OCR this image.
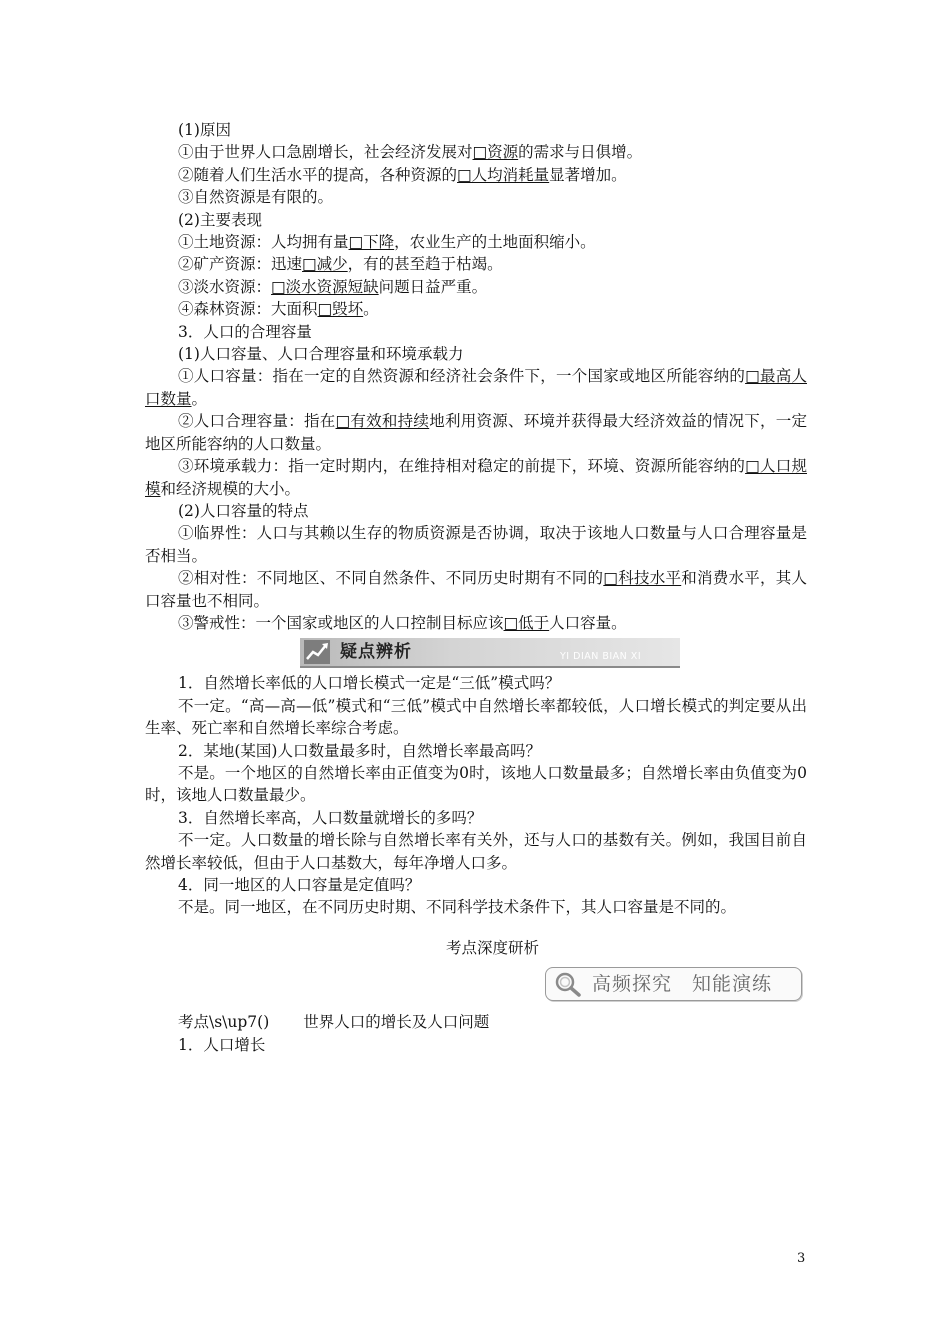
(1)原因
①由于世界人口急剧增长，社会经济发展对□资源的需求与日俱增。
②随着人们生活水平的提高，各种资源的□人均消耗量显著增加。
③自然资源是有限的。
(2)主要表现
①土地资源：人均拥有量□下降，农业生产的土地面积缩小。
②矿产资源：迅速□减少，有的甚至趋于枯竭。
③淡水资源：□淡水资源短缺问题日益严重。
④森林资源：大面积□毁坏。
3．人口的合理容量
(1)人口容量、人口合理容量和环境承载力
①人口容量：指在一定的自然资源和经济社会条件下，一个国家或地区所能容纳的□最高人口数量。
②人口合理容量：指在□有效和持续地利用资源、环境并获得最大经济效益的情况下，一定地区所能容纳的人口数量。
③环境承载力：指一定时期内，在维持相对稳定的前提下，环境、资源所能容纳的□人口规模和经济规模的大小。
(2)人口容量的特点
①临界性：人口与其赖以生存的物质资源是否协调，取决于该地人口数量与人口合理容量是否相当。
②相对性：不同地区、不同自然条件、不同历史时期有不同的□科技水平和消费水平，其人口容量也不相同。
③警戒性：一个国家或地区的人口控制目标应该□低于人口容量。
疑点辨析	YI DIAN BIAN XI
1．自然增长率低的人口增长模式一定是“三低”模式吗？
不一定。“高—高—低”模式和“三低”模式中自然增长率都较低，人口增长模式的判定要从出生率、死亡率和自然增长率综合考虑。
2．某地(某国)人口数量最多时，自然增长率最高吗？
不是。一个地区的自然增长率由正值变为0时，该地人口数量最多；自然增长率由负值变为0时，该地人口数量最少。
3．自然增长率高，人口数量就增长的多吗？
不一定。人口数量的增长除与自然增长率有关外，还与人口的基数有关。例如，我国目前自然增长率较低，但由于人口基数大，每年净增人口多。
4．同一地区的人口容量是定值吗？
不是。同一地区，在不同历史时期、不同科学技术条件下，其人口容量是不同的。
考点深度研析
高频探究　知能演练
考点\s\up7() 世界人口的增长及人口问题
1．人口增长
3
